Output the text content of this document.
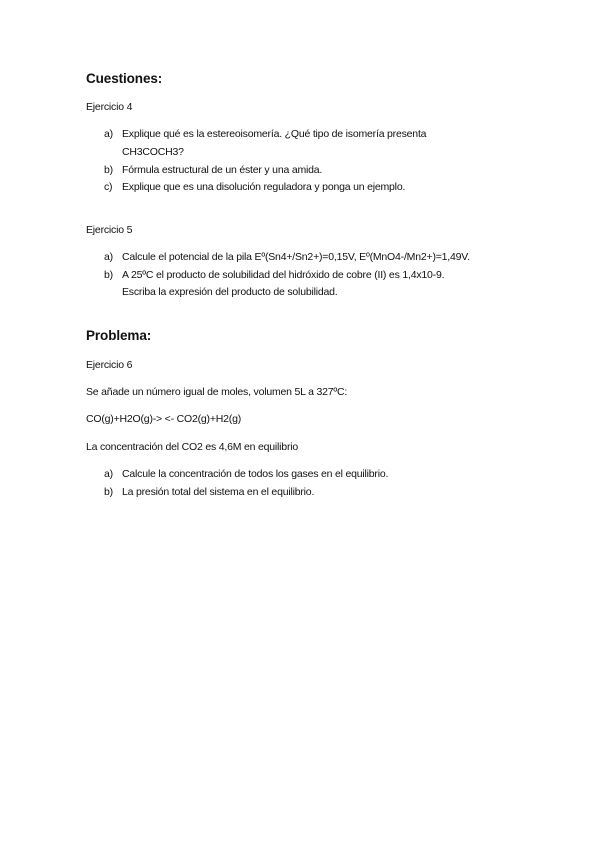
Cuestiones:
Ejercicio 4
a) Explique qué es la estereoisomería. ¿Qué tipo de isomería presenta
CH3COCH3?
b) Fórmula estructural de un éster y una amida.
c) Explique que es una disolución reguladora y ponga un ejemplo.
Ejercicio 5
a) Calcule el potencial de la pila Eº(Sn4+/Sn2+)=0,15V, Eº(MnO4-/Mn2+)=1,49V.
b) A 25ºC el producto de solubilidad del hidróxido de cobre (II) es 1,4x10-9.
Escriba la expresión del producto de solubilidad.
Problema:
Ejercicio 6
Se añade un número igual de moles, volumen 5L a 327ºC:
CO(g)+H2O(g)-> <- CO2(g)+H2(g)
La concentración del CO2 es 4,6M en equilibrio
a) Calcule la concentración de todos los gases en el equilibrio.
b) La presión total del sistema en el equilibrio.
